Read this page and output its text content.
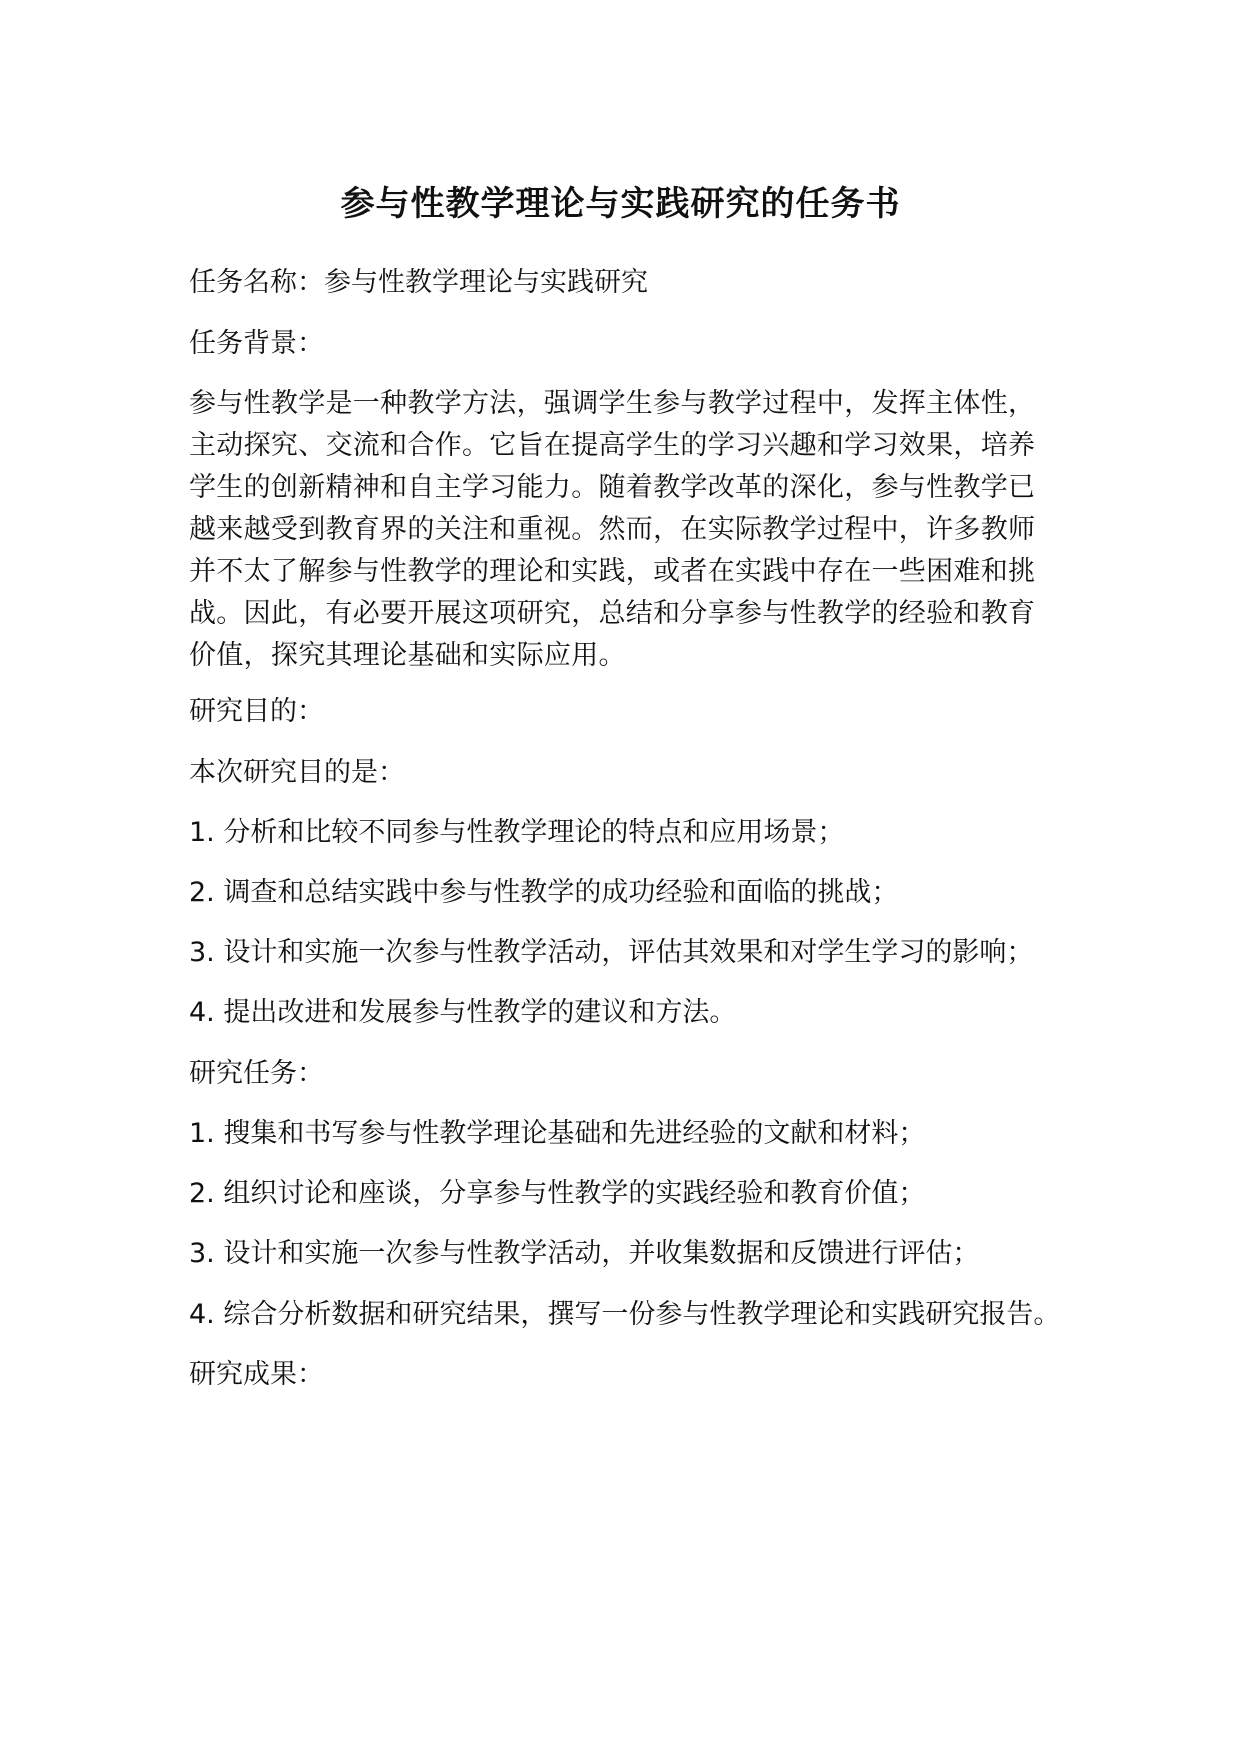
参与性教学理论与实践研究的任务书

任务名称：参与性教学理论与实践研究

任务背景：

参与性教学是一种教学方法，强调学生参与教学过程中，发挥主体性，
主动探究、交流和合作。它旨在提高学生的学习兴趣和学习效果，培养
学生的创新精神和自主学习能力。随着教学改革的深化，参与性教学已
越来越受到教育界的关注和重视。然而，在实际教学过程中，许多教师
并不太了解参与性教学的理论和实践，或者在实践中存在一些困难和挑
战。因此，有必要开展这项研究，总结和分享参与性教学的经验和教育
价值，探究其理论基础和实际应用。

研究目的：

本次研究目的是：

1. 分析和比较不同参与性教学理论的特点和应用场景；

2. 调查和总结实践中参与性教学的成功经验和面临的挑战；

3. 设计和实施一次参与性教学活动，评估其效果和对学生学习的影响；

4. 提出改进和发展参与性教学的建议和方法。

研究任务：

1. 搜集和书写参与性教学理论基础和先进经验的文献和材料；

2. 组织讨论和座谈，分享参与性教学的实践经验和教育价值；

3. 设计和实施一次参与性教学活动，并收集数据和反馈进行评估；

4. 综合分析数据和研究结果，撰写一份参与性教学理论和实践研究报告。

研究成果：
